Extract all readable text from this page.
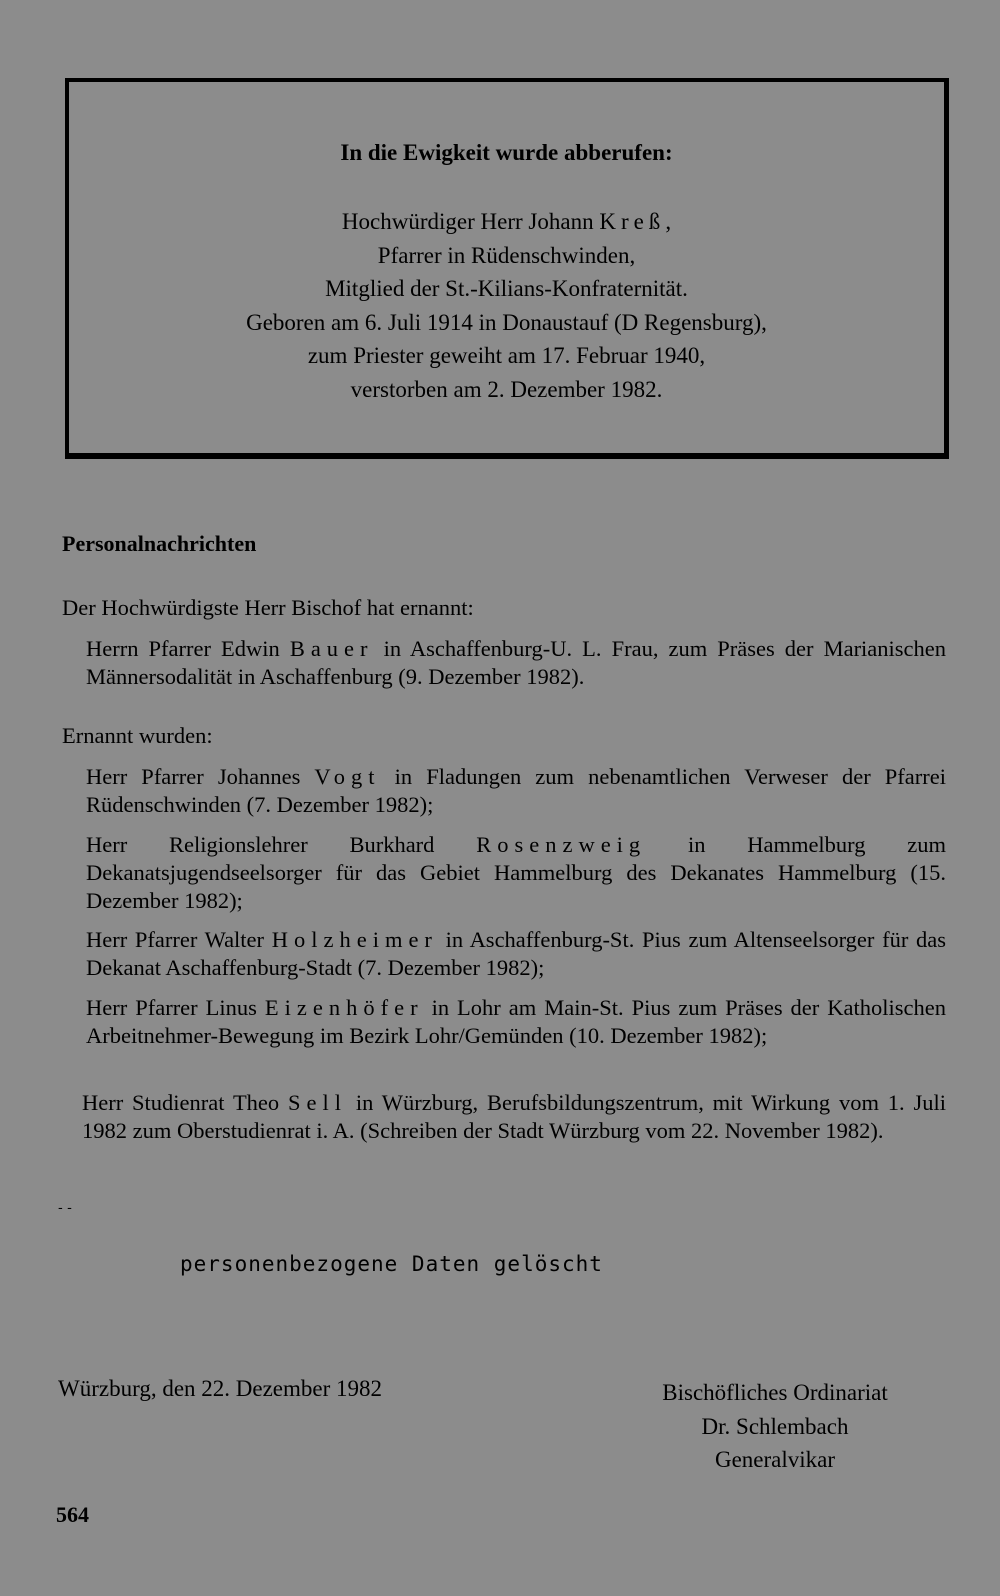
In die Ewigkeit wurde abberufen:
Hochwürdiger Herr Johann Kreß,
Pfarrer in Rüdenschwinden,
Mitglied der St.-Kilians-Konfraternität.
Geboren am 6. Juli 1914 in Donaustauf (D Regensburg),
zum Priester geweiht am 17. Februar 1940,
verstorben am 2. Dezember 1982.
Personalnachrichten
Der Hochwürdigste Herr Bischof hat ernannt:
Herrn Pfarrer Edwin Bauer in Aschaffenburg-U. L. Frau, zum Präses der Marianischen Männersodalität in Aschaffenburg (9. Dezember 1982).
Ernannt wurden:
Herr Pfarrer Johannes Vogt in Fladungen zum nebenamtlichen Verweser der Pfarrei Rüdenschwinden (7. Dezember 1982);
Herr Religionslehrer Burkhard Rosenzweig in Hammelburg zum Dekanatsjugendseelsorger für das Gebiet Hammelburg des Dekanates Hammelburg (15. Dezember 1982);
Herr Pfarrer Walter Holzheimer in Aschaffenburg-St. Pius zum Altenseelsorger für das Dekanat Aschaffenburg-Stadt (7. Dezember 1982);
Herr Pfarrer Linus Eizenhöfer in Lohr am Main-St. Pius zum Präses der Katholischen Arbeitnehmer-Bewegung im Bezirk Lohr/Gemünden (10. Dezember 1982);
Herr Studienrat Theo Sell in Würzburg, Berufsbildungszentrum, mit Wirkung vom 1. Juli 1982 zum Oberstudienrat i. A. (Schreiben der Stadt Würzburg vom 22. November 1982).
- -
personenbezogene Daten gelöscht
Würzburg, den 22. Dezember 1982	Bischöfliches Ordinariat
Dr. Schlembach
Generalvikar
564
